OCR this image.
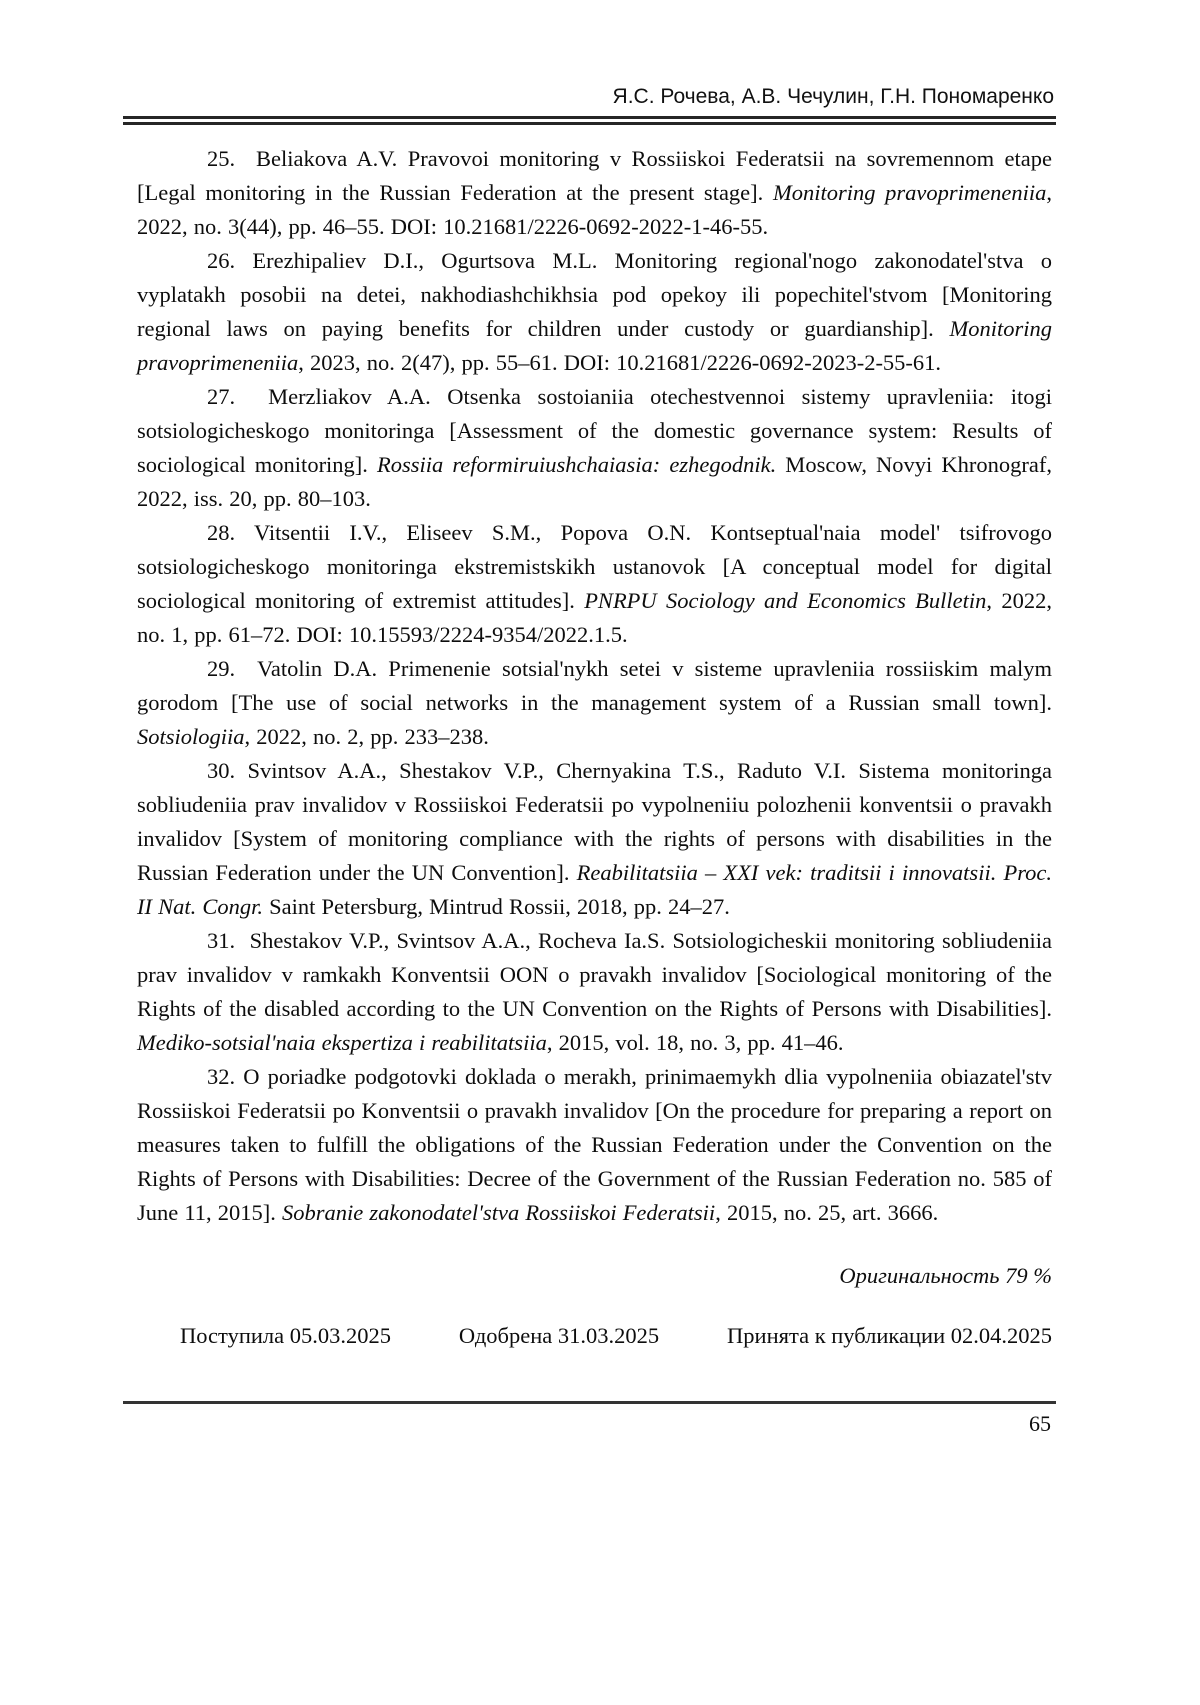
Я.С. Рочева, А.В. Чечулин, Г.Н. Пономаренко

25.  Beliakova A.V. Pravovoi monitoring v Rossiiskoi Federatsii na sovremennom etape [Legal monitoring in the Russian Federation at the present stage]. Monitoring pravoprimeneniia, 2022, no. 3(44), pp. 46–55. DOI: 10.21681/2226-0692-2022-1-46-55.

26. Erezhipaliev D.I., Ogurtsova M.L. Monitoring regional'nogo zakonodatel'stva o vyplatakh posobii na detei, nakhodiashchikhsia pod opekoy ili popechitel'stvom [Monitoring regional laws on paying benefits for children under custody or guardianship]. Monitoring pravoprimeneniia, 2023, no. 2(47), pp. 55–61. DOI: 10.21681/2226-0692-2023-2-55-61.

27.  Merzliakov A.A. Otsenka sostoianiia otechestvennoi sistemy upravleniia: itogi sotsiologicheskogo monitoringa [Assessment of the domestic governance system: Results of sociological monitoring]. Rossiia reformiruiushchaiasia: ezhegodnik. Moscow, Novyi Khronograf, 2022, iss. 20, pp. 80–103.

28. Vitsentii I.V., Eliseev S.M., Popova O.N. Kontseptual'naia model' tsifrovogo sotsiologicheskogo monitoringa ekstremistskikh ustanovok [A conceptual model for digital sociological monitoring of extremist attitudes]. PNRPU Sociology and Economics Bulletin, 2022, no. 1, pp. 61–72. DOI: 10.15593/2224-9354/2022.1.5.

29.  Vatolin D.A. Primenenie sotsial'nykh setei v sisteme upravleniia rossiiskim malym gorodom [The use of social networks in the management system of a Russian small town]. Sotsiologiia, 2022, no. 2, pp. 233–238.

30. Svintsov A.A., Shestakov V.P., Chernyakina T.S., Raduto V.I. Sistema monitoringa sobliudeniia prav invalidov v Rossiiskoi Federatsii po vypolneniiu polozhenii konventsii o pravakh invalidov [System of monitoring compliance with the rights of persons with disabilities in the Russian Federation under the UN Convention]. Reabilitatsiia – XXI vek: traditsii i innovatsii. Proc. II Nat. Congr. Saint Petersburg, Mintrud Rossii, 2018, pp. 24–27.

31.  Shestakov V.P., Svintsov A.A., Rocheva Ia.S. Sotsiologicheskii monitoring sobliudeniia prav invalidov v ramkakh Konventsii OON o pravakh invalidov [Sociological monitoring of the Rights of the disabled according to the UN Convention on the Rights of Persons with Disabilities]. Mediko-sotsial'naia ekspertiza i reabilitatsiia, 2015, vol. 18, no. 3, pp. 41–46.

32. O poriadke podgotovki doklada o merakh, prinimaemykh dlia vypolneniia obiazatel'stv Rossiiskoi Federatsii po Konventsii o pravakh invalidov [On the procedure for preparing a report on measures taken to fulfill the obligations of the Russian Federation under the Convention on the Rights of Persons with Disabilities: Decree of the Government of the Russian Federation no. 585 of June 11, 2015]. Sobranie zakonodatel'stva Rossiiskoi Federatsii, 2015, no. 25, art. 3666.

Оригинальность 79 %
Поступила 05.03.2025	Одобрена 31.03.2025	Принята к публикации 02.04.2025
65
